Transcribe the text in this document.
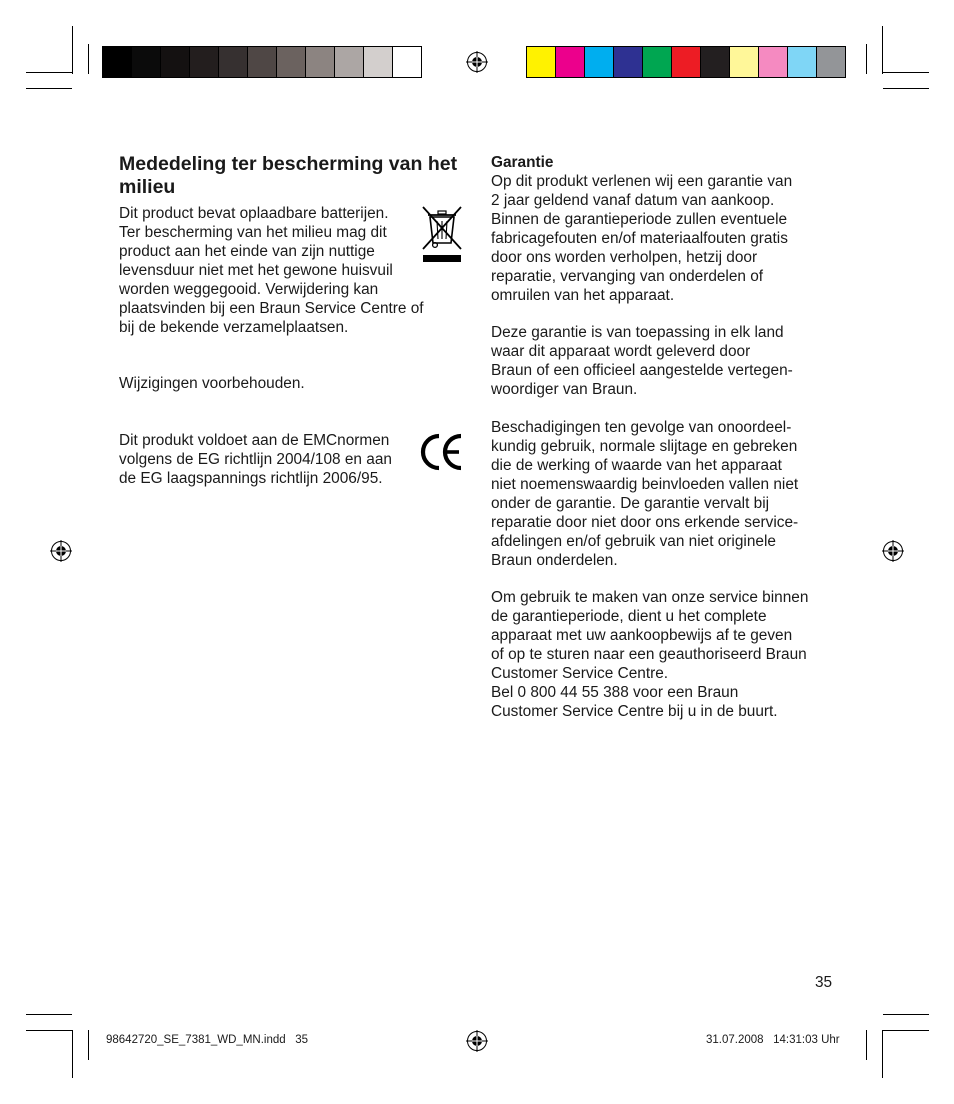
Mededeling ter bescherming van het milieu

Dit product bevat oplaadbare batterijen.
Ter bescherming van het milieu mag dit
product aan het einde van zijn nuttige
levensduur niet met het gewone huisvuil
worden weggegooid. Verwijdering kan
plaatsvinden bij een Braun Service Centre of
bij de bekende verzamelplaatsen.

Wijzigingen voorbehouden.

Dit produkt voldoet aan de EMCnormen
volgens de EG richtlijn 2004/108 en aan
de EG laagspannings richtlijn 2006/95.

Garantie

Op dit produkt verlenen wij een garantie van
2 jaar geldend vanaf datum van aankoop.
Binnen de garantieperiode zullen eventuele
fabricagefouten en/of materiaalfouten gratis
door ons worden verholpen, hetzij door
reparatie, vervanging van onderdelen of
omruilen van het apparaat.

Deze garantie is van toepassing in elk land
waar dit apparaat wordt geleverd door
Braun of een officieel aangestelde vertegen-
woordiger van Braun.

Beschadigingen ten gevolge van onoordeel-
kundig gebruik, normale slijtage en gebreken
die de werking of waarde van het apparaat
niet noemenswaardig beinvloeden vallen niet
onder de garantie. De garantie vervalt bij
reparatie door niet door ons erkende service-
afdelingen en/of gebruik van niet originele
Braun onderdelen.

Om gebruik te maken van onze service binnen
de garantieperiode, dient u het complete
apparaat met uw aankoopbewijs af te geven
of op te sturen naar een geauthoriseerd Braun
Customer Service Centre.
Bel 0 800 44 55 388 voor een Braun
Customer Service Centre bij u in de buurt.

35
98642720_SE_7381_WD_MN.indd   35	31.07.2008   14:31:03 Uhr
